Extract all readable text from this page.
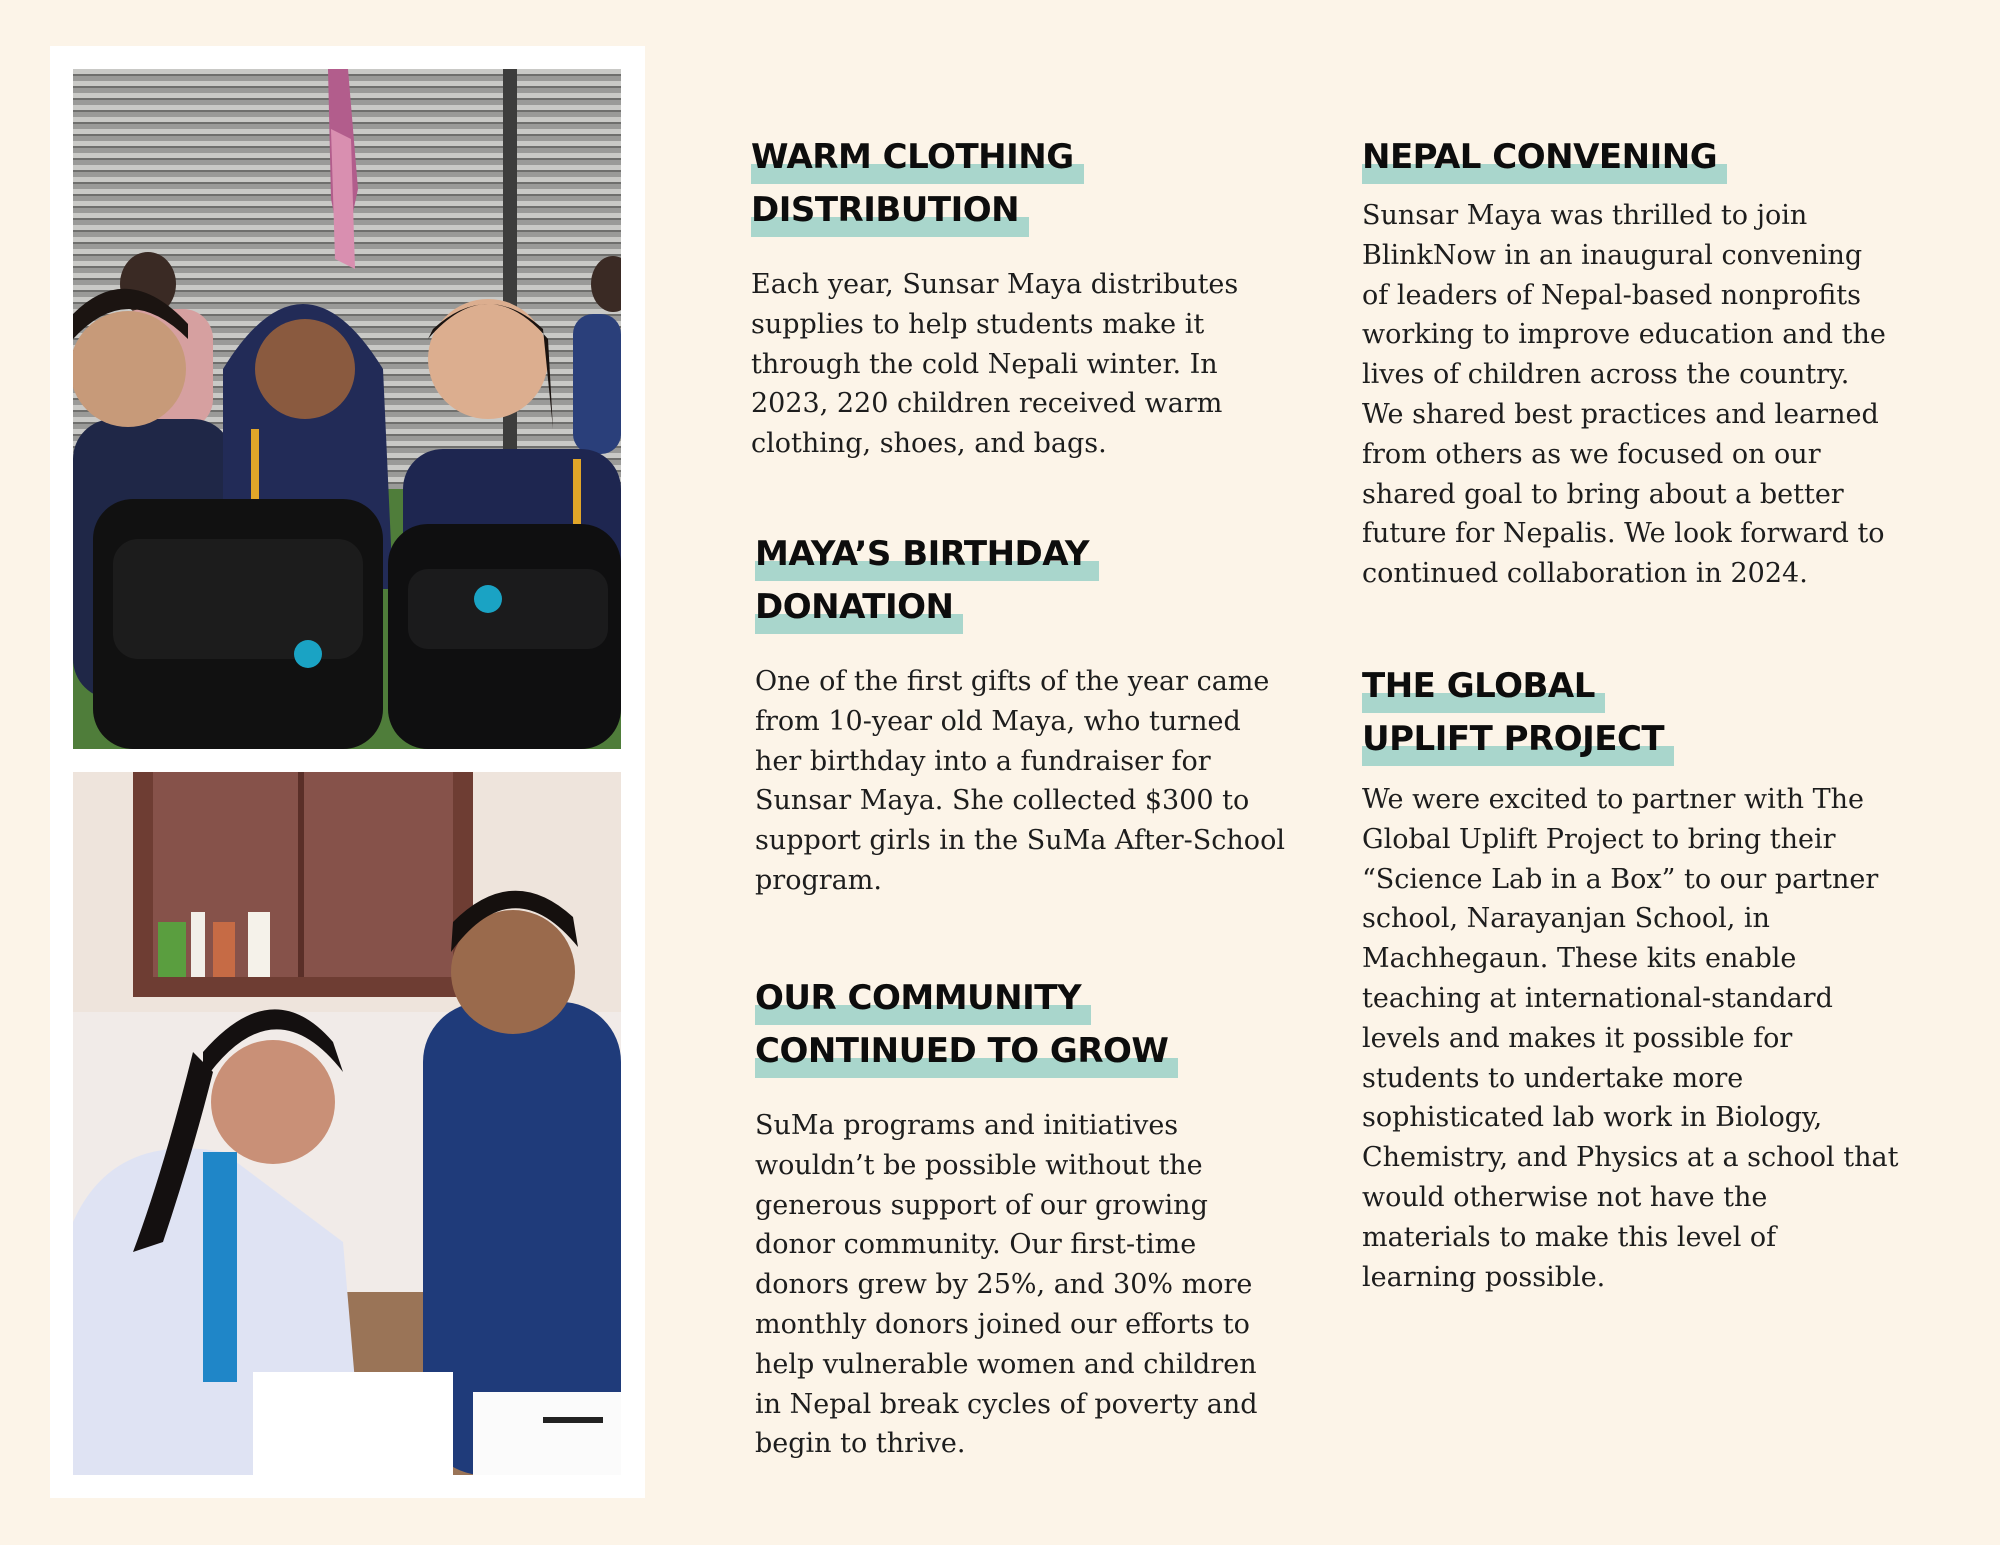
WARM CLOTHING
DISTRIBUTION

Each year, Sunsar Maya distributes
supplies to help students make it
through the cold Nepali winter. In
2023, 220 children received warm
clothing, shoes, and bags.

MAYA’S BIRTHDAY
DONATION

One of the first gifts of the year came
from 10-year old Maya, who turned
her birthday into a fundraiser for
Sunsar Maya. She collected $300 to
support girls in the SuMa After-School
program.

OUR COMMUNITY
CONTINUED TO GROW

SuMa programs and initiatives
wouldn’t be possible without the
generous support of our growing
donor community. Our first-time
donors grew by 25%, and 30% more
monthly donors joined our efforts to
help vulnerable women and children
in Nepal break cycles of poverty and
begin to thrive.

NEPAL CONVENING

Sunsar Maya was thrilled to join
BlinkNow in an inaugural convening
of leaders of Nepal-based nonprofits
working to improve education and the
lives of children across the country.
We shared best practices and learned
from others as we focused on our
shared goal to bring about a better
future for Nepalis. We look forward to
continued collaboration in 2024.

THE GLOBAL
UPLIFT PROJECT

We were excited to partner with The
Global Uplift Project to bring their
“Science Lab in a Box” to our partner
school, Narayanjan School, in
Machhegaun. These kits enable
teaching at international-standard
levels and makes it possible for
students to undertake more
sophisticated lab work in Biology,
Chemistry, and Physics at a school that
would otherwise not have the
materials to make this level of
learning possible.
